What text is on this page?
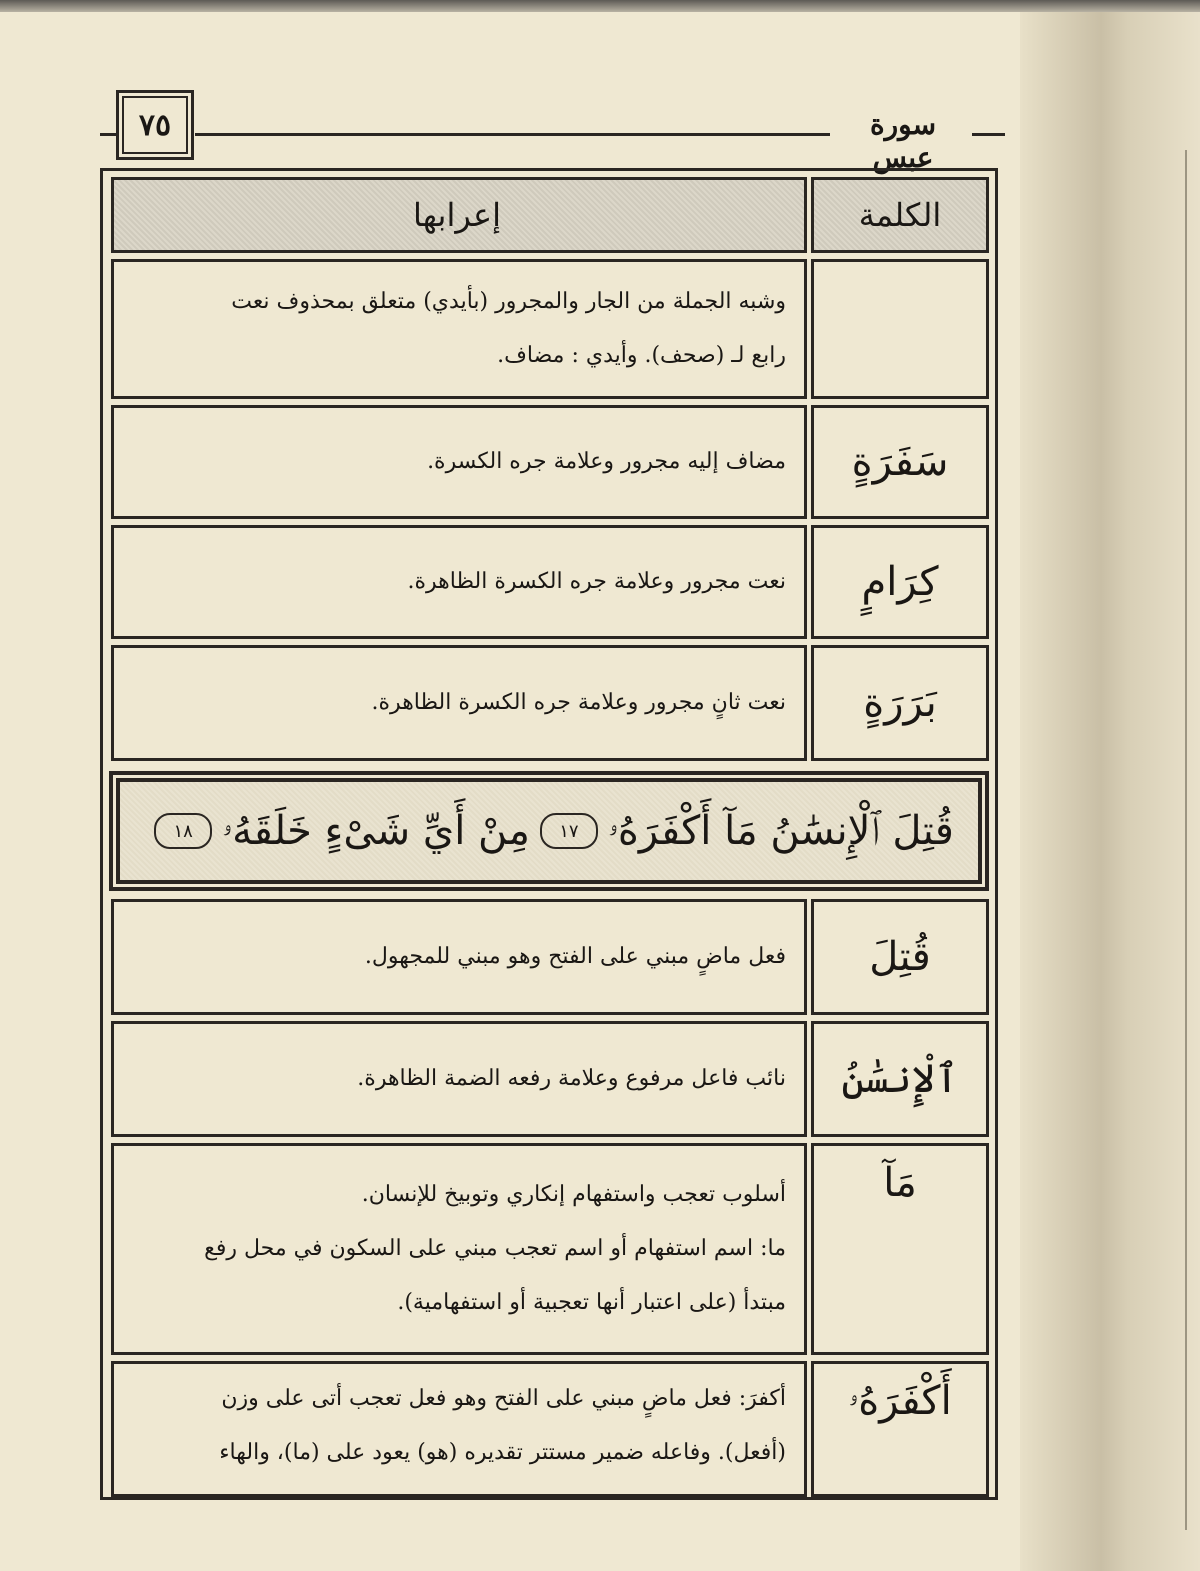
٧٥	سورة عبس
الكلمة
إعرابها
وشبه الجملة من الجار والمجرور (بأيدي) متعلق بمحذوف نعت
رابع لـ (صحف). وأيدي : مضاف.
سَفَرَةٍ
مضاف إليه مجرور وعلامة جره الكسرة.
كِرَامٍ
نعت مجرور وعلامة جره الكسرة الظاهرة.
بَرَرَةٍ
نعت ثانٍ مجرور وعلامة جره الكسرة الظاهرة.
قُتِلَ ٱلْإِنسَٰنُ مَآ أَكْفَرَهُۥ
١٧
مِنْ أَيِّ شَىْءٍ خَلَقَهُۥ
١٨
قُتِلَ
فعل ماضٍ مبني على الفتح وهو مبني للمجهول.
ٱلْإِنسَٰنُ
نائب فاعل مرفوع وعلامة رفعه الضمة الظاهرة.
مَآ
أسلوب تعجب واستفهام إنكاري وتوبيخ للإنسان.
ما: اسم استفهام أو اسم تعجب مبني على السكون في محل رفع
مبتدأ (على اعتبار أنها تعجبية أو استفهامية).
أَكْفَرَهُۥ
أكفرَ: فعل ماضٍ مبني على الفتح وهو فعل تعجب أتى على وزن
(أفعل). وفاعله ضمير مستتر تقديره (هو) يعود على (ما)، والهاء
